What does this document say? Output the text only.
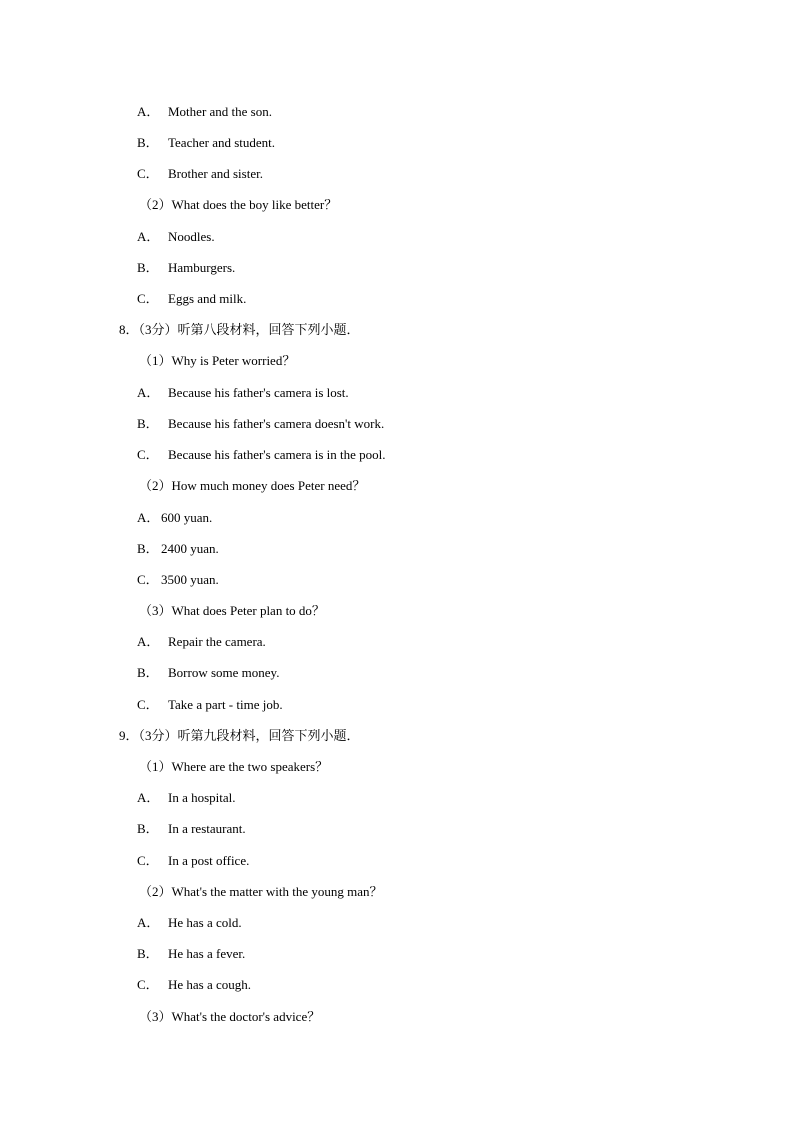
A． Mother and the son.
B． Teacher and student.
C． Brother and sister.
（2）What does the boy like better？
A． Noodles.
B． Hamburgers.
C． Eggs and milk.
8．（3分）听第八段材料，回答下列小题．
（1）Why is Peter worried？
A． Because his father's camera is lost.
B． Because his father's camera doesn't work.
C． Because his father's camera is in the pool.
（2）How much money does Peter need？
A． 600 yuan.
B． 2400 yuan.
C． 3500 yuan.
（3）What does Peter plan to do？
A． Repair the camera.
B． Borrow some money.
C． Take a part - time job.
9．（3分）听第九段材料，回答下列小题．
（1）Where are the two speakers？
A． In a hospital.
B． In a restaurant.
C． In a post office.
（2）What's the matter with the young man？
A． He has a cold.
B． He has a fever.
C． He has a cough.
（3）What's the doctor's advice？
